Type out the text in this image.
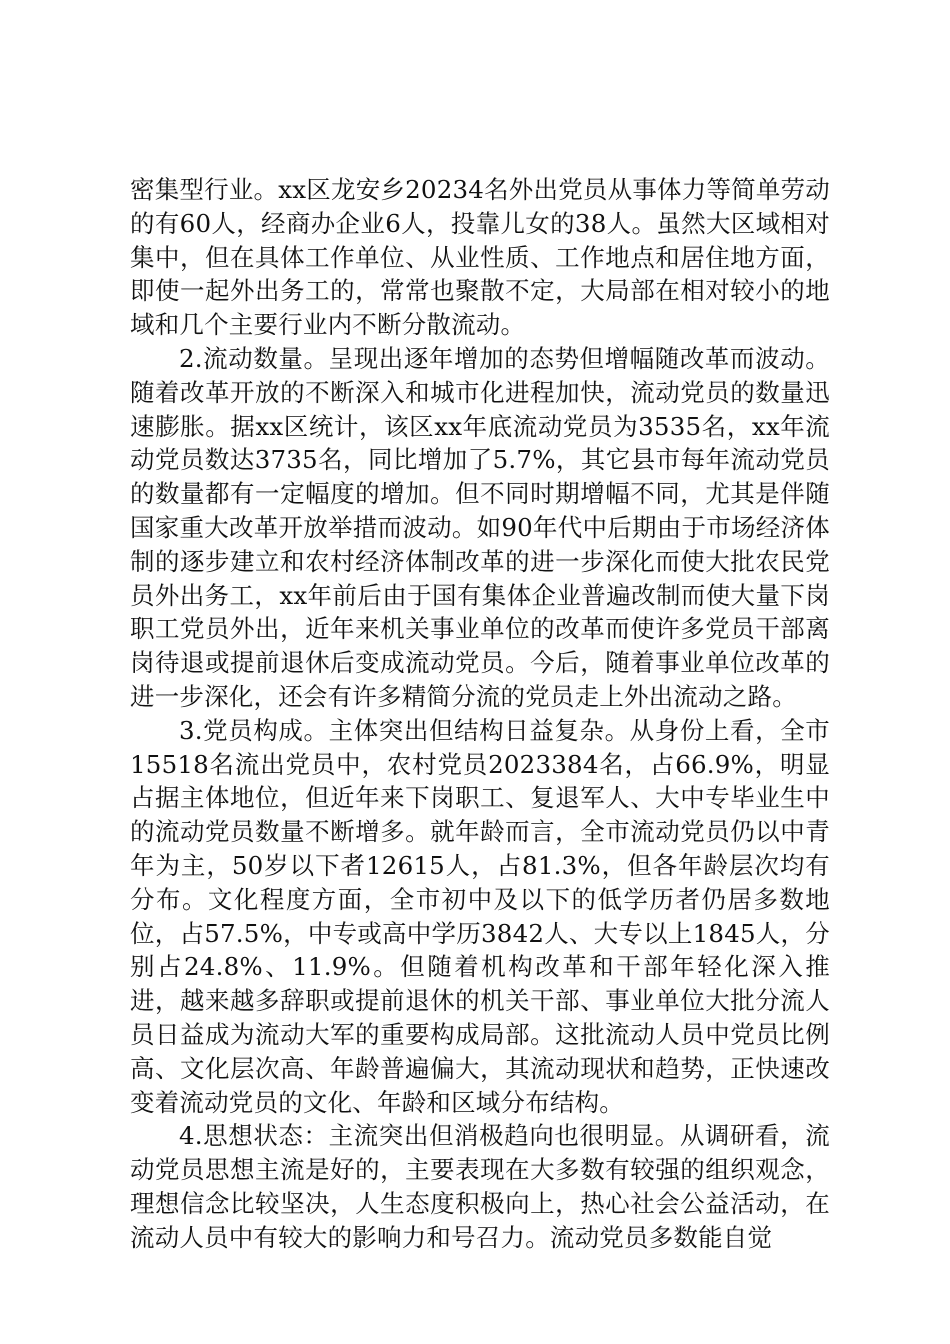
密集型行业。xx区龙安乡20234名外出党员从事体力等简单劳动的有60人，经商办企业6人，投靠儿女的38人。虽然大区域相对集中，但在具体工作单位、从业性质、工作地点和居住地方面，即使一起外出务工的，常常也聚散不定，大局部在相对较小的地域和几个主要行业内不断分散流动。

2.流动数量。呈现出逐年增加的态势但增幅随改革而波动。随着改革开放的不断深入和城市化进程加快，流动党员的数量迅速膨胀。据xx区统计，该区xx年底流动党员为3535名，xx年流动党员数达3735名，同比增加了5.7%，其它县市每年流动党员的数量都有一定幅度的增加。但不同时期增幅不同，尤其是伴随国家重大改革开放举措而波动。如90年代中后期由于市场经济体制的逐步建立和农村经济体制改革的进一步深化而使大批农民党员外出务工，xx年前后由于国有集体企业普遍改制而使大量下岗职工党员外出，近年来机关事业单位的改革而使许多党员干部离岗待退或提前退休后变成流动党员。今后，随着事业单位改革的进一步深化，还会有许多精简分流的党员走上外出流动之路。

3.党员构成。主体突出但结构日益复杂。从身份上看，全市15518名流出党员中，农村党员2023384名，占66.9%，明显占据主体地位，但近年来下岗职工、复退军人、大中专毕业生中的流动党员数量不断增多。就年龄而言，全市流动党员仍以中青年为主，50岁以下者12615人，占81.3%，但各年龄层次均有分布。文化程度方面，全市初中及以下的低学历者仍居多数地位，占57.5%，中专或高中学历3842人、大专以上1845人，分别占24.8%、11.9%。但随着机构改革和干部年轻化深入推进，越来越多辞职或提前退休的机关干部、事业单位大批分流人员日益成为流动大军的重要构成局部。这批流动人员中党员比例高、文化层次高、年龄普遍偏大，其流动现状和趋势，正快速改变着流动党员的文化、年龄和区域分布结构。

4.思想状态：主流突出但消极趋向也很明显。从调研看，流动党员思想主流是好的，主要表现在大多数有较强的组织观念，理想信念比较坚决，人生态度积极向上，热心社会公益活动，在流动人员中有较大的影响力和号召力。流动党员多数能自觉
